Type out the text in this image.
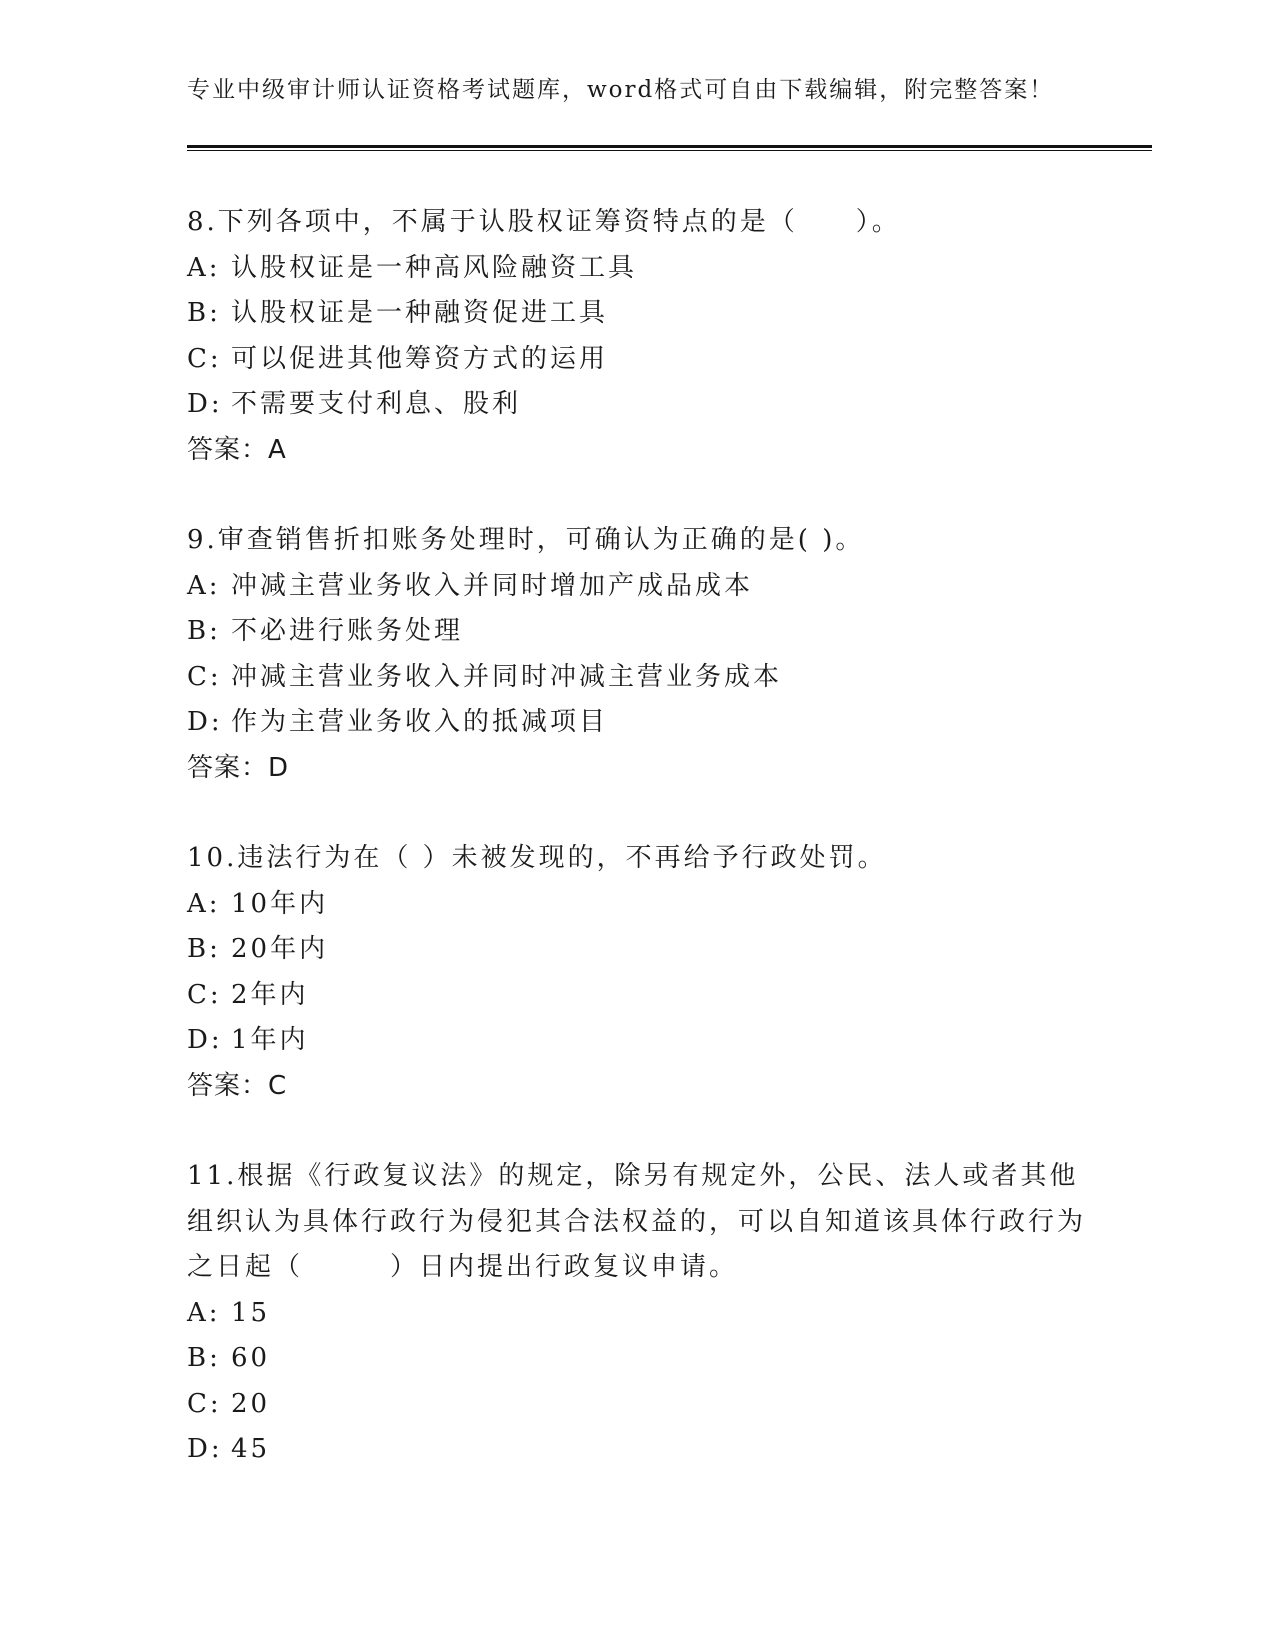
专业中级审计师认证资格考试题库，word格式可自由下载编辑，附完整答案！

8.下列各项中，不属于认股权证筹资特点的是（　　）。

A: 认股权证是一种高风险融资工具

B: 认股权证是一种融资促进工具

C: 可以促进其他筹资方式的运用

D: 不需要支付利息、股利

答案：A

9.审查销售折扣账务处理时，可确认为正确的是( )。

A: 冲减主营业务收入并同时增加产成品成本

B: 不必进行账务处理

C: 冲减主营业务收入并同时冲减主营业务成本

D: 作为主营业务收入的抵减项目

答案：D

10.违法行为在（ ）未被发现的，不再给予行政处罚。

A: 10年内

B: 20年内

C: 2年内

D: 1年内

答案：C

11.根据《行政复议法》的规定，除另有规定外，公民、法人或者其他组织认为具体行政行为侵犯其合法权益的，可以自知道该具体行政行为之日起（　　　）日内提出行政复议申请。

A: 15

B: 60

C: 20

D: 45
